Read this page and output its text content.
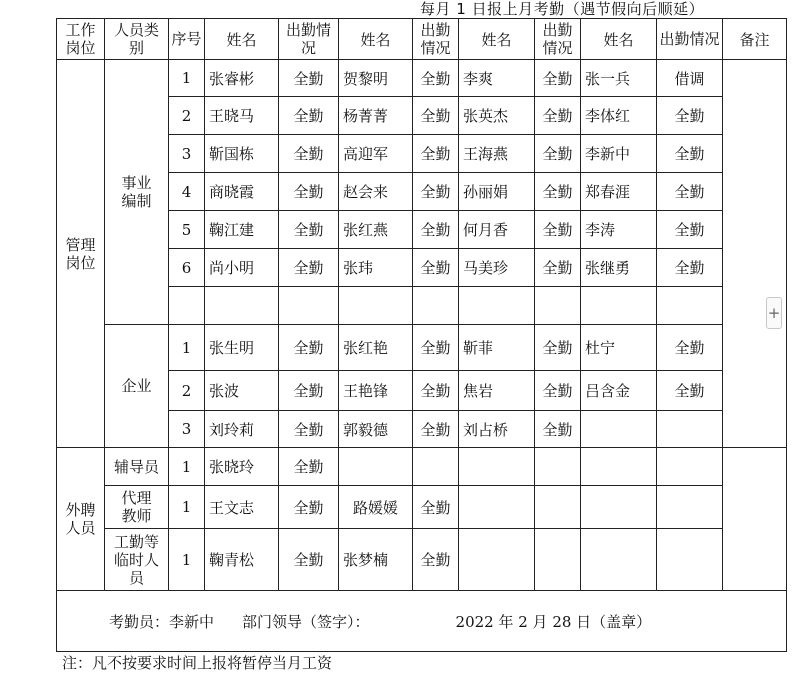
每月 1 日报上月考勤（遇节假向后顺延）
工作岗位	人员类别	序号	姓名	出勤情况	姓名	出勤情况	姓名	出勤情况	姓名	出勤情况	备注
管理岗位	事业编制	1	张睿彬	全勤	贺黎明	全勤	李爽	全勤	张一兵	借调	
		2	王晓马	全勤	杨菁菁	全勤	张英杰	全勤	李体红	全勤	
		3	靳国栋	全勤	高迎军	全勤	王海燕	全勤	李新中	全勤	
		4	商晓霞	全勤	赵会来	全勤	孙丽娟	全勤	郑春涯	全勤	
		5	鞠江建	全勤	张红燕	全勤	何月香	全勤	李涛	全勤	
		6	尚小明	全勤	张玮	全勤	马美珍	全勤	张继勇	全勤	

	企业	1	张生明	全勤	张红艳	全勤	靳菲	全勤	杜宁	全勤	
		2	张波	全勤	王艳锋	全勤	焦岩	全勤	吕含金	全勤	
		3	刘玲莉	全勤	郭毅德	全勤	刘占桥	全勤			
外聘人员	辅导员	1	张晓玲	全勤							
	代理教师	1	王文志	全勤	路媛媛	全勤					
	工勤等临时人员	1	鞠青松	全勤	张梦楠	全勤					

考勤员：李新中 部门领导（签字）： 2022 年 2 月 28 日（盖章）											
注：凡不按要求时间上报将暂停当月工资
+
